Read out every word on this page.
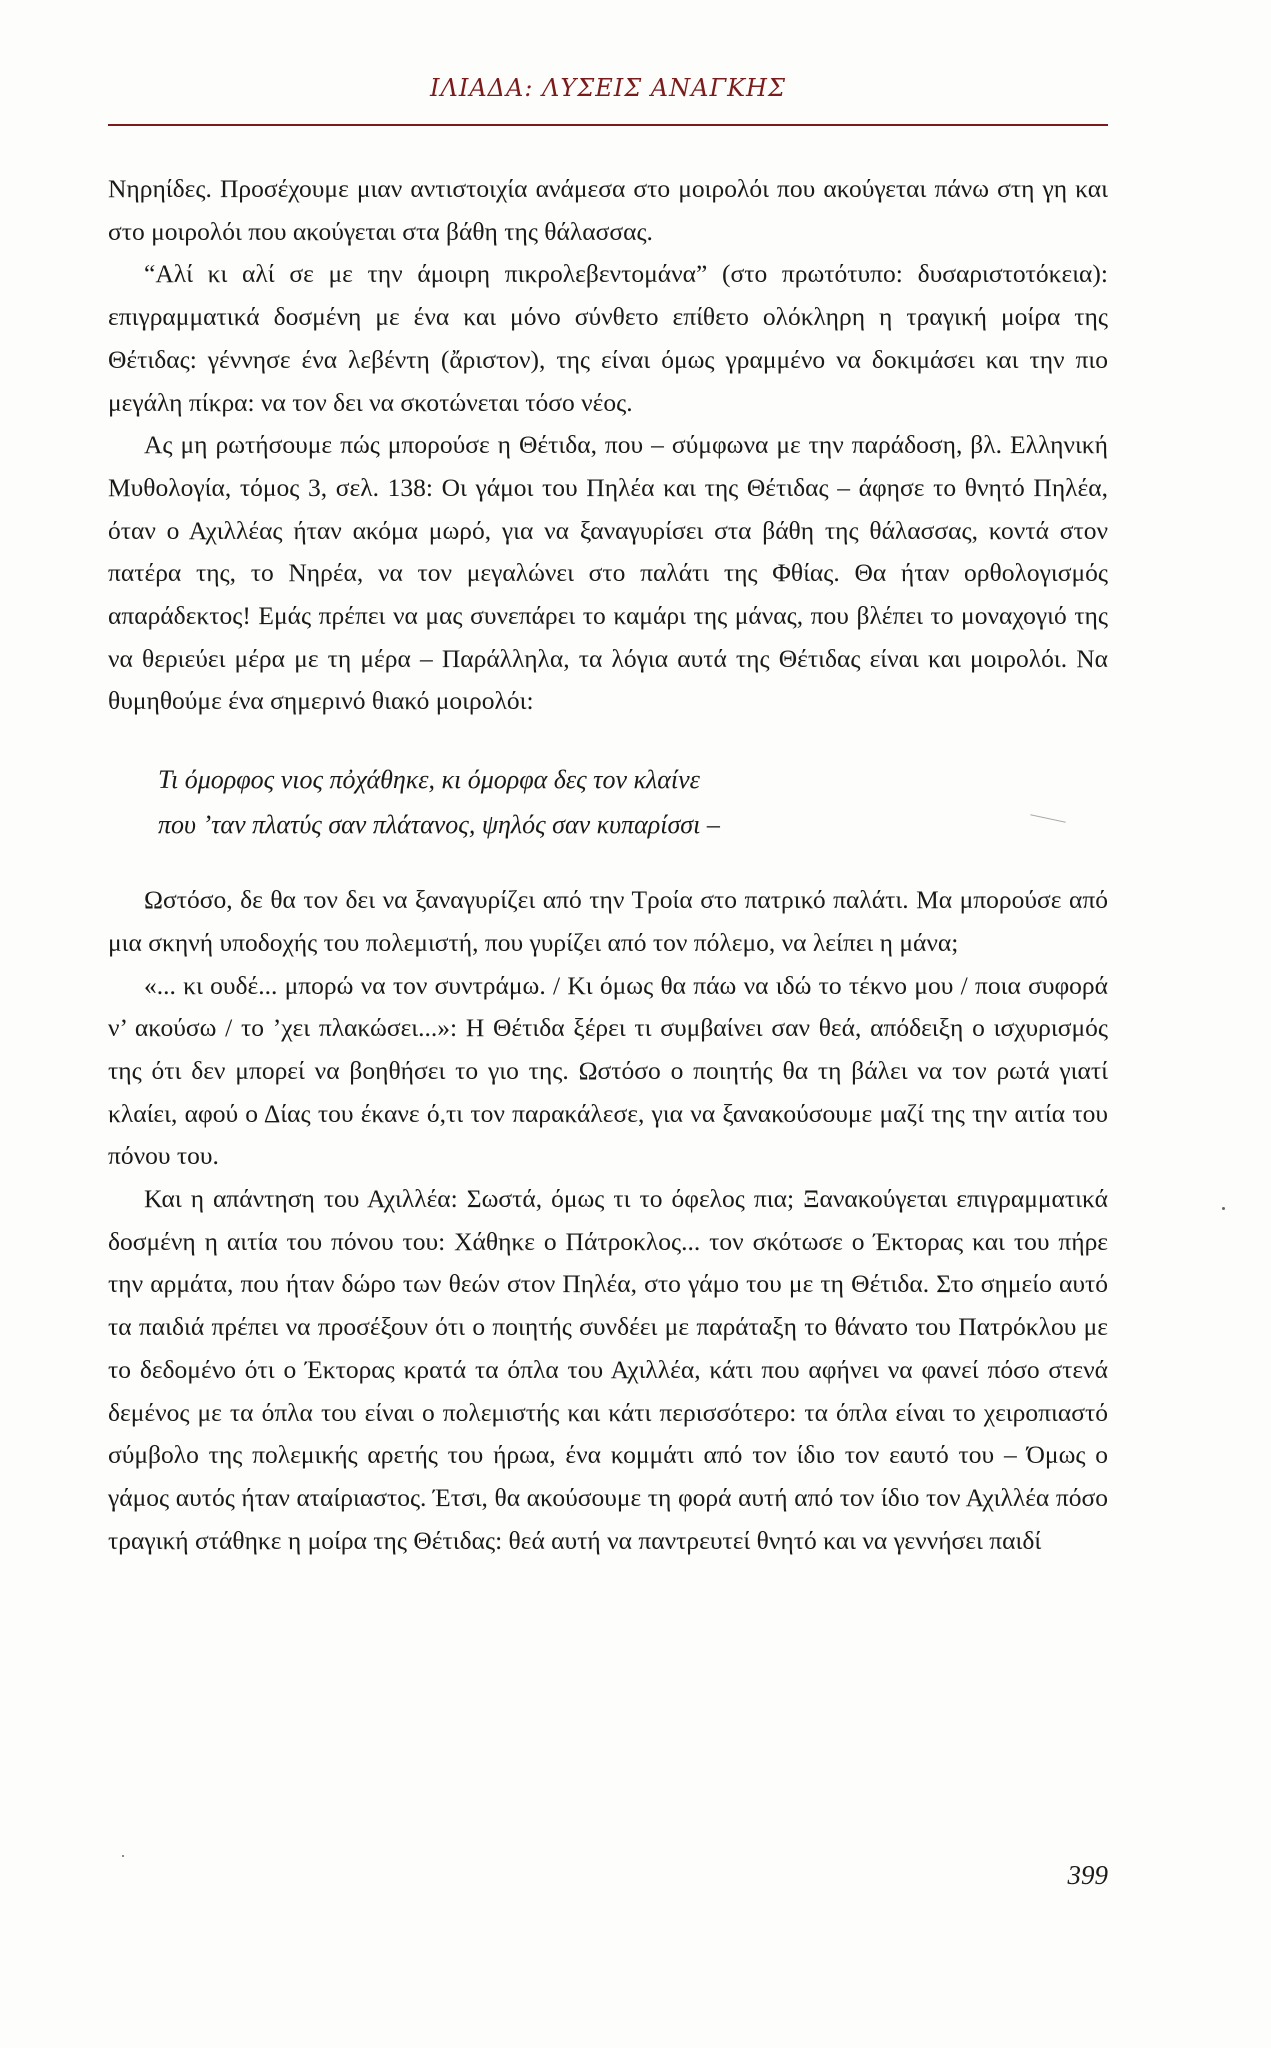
ΙΛΙΑΔΑ: ΛΥΣΕΙΣ ΑΝΑΓΚΗΣ

Νηρηίδες. Προσέχουμε μιαν αντιστοιχία ανάμεσα στο μοιρολόι που ακούγεται πάνω στη γη και στο μοιρολόι που ακούγεται στα βάθη της θάλασσας.

“Αλί κι αλί σε με την άμοιρη πικρολεβεντομάνα” (στο πρωτότυπο: δυσαριστοτόκεια): επιγραμματικά δοσμένη με ένα και μόνο σύνθετο επίθετο ολόκληρη η τραγική μοίρα της Θέτιδας: γέννησε ένα λεβέντη (ἄριστον), της είναι όμως γραμμένο να δοκιμάσει και την πιο μεγάλη πίκρα: να τον δει να σκοτώνεται τόσο νέος.

Ας μη ρωτήσουμε πώς μπορούσε η Θέτιδα, που – σύμφωνα με την παράδοση, βλ. Ελληνική Μυθολογία, τόμος 3, σελ. 138: Οι γάμοι του Πηλέα και της Θέτιδας – άφησε το θνητό Πηλέα, όταν ο Αχιλλέας ήταν ακόμα μωρό, για να ξαναγυρίσει στα βάθη της θάλασσας, κοντά στον πατέρα της, το Νηρέα, να τον μεγαλώνει στο παλάτι της Φθίας. Θα ήταν ορθολογισμός απαράδεκτος! Εμάς πρέπει να μας συνεπάρει το καμάρι της μάνας, που βλέπει το μοναχογιό της να θεριεύει μέρα με τη μέρα – Παράλληλα, τα λόγια αυτά της Θέτιδας είναι και μοιρολόι. Να θυμηθούμε ένα σημερινό θιακό μοιρολόι:

Τι όμορφος νιος πὀχάθηκε, κι όμορφα δες τον κλαίνε
που ’ταν πλατύς σαν πλάτανος, ψηλός σαν κυπαρίσσι –

Ωστόσο, δε θα τον δει να ξαναγυρίζει από την Τροία στο πατρικό παλάτι. Μα μπορούσε από μια σκηνή υποδοχής του πολεμιστή, που γυρίζει από τον πόλεμο, να λείπει η μάνα;

«... κι ουδέ... μπορώ να τον συντράμω. / Κι όμως θα πάω να ιδώ το τέκνο μου / ποια συφορά ν’ ακούσω / το ’χει πλακώσει...»: Η Θέτιδα ξέρει τι συμβαίνει σαν θεά, απόδειξη ο ισχυρισμός της ότι δεν μπορεί να βοηθήσει το γιο της. Ωστόσο ο ποιητής θα τη βάλει να τον ρωτά γιατί κλαίει, αφού ο Δίας του έκανε ό,τι τον παρακάλεσε, για να ξανακούσουμε μαζί της την αιτία του πόνου του.

Και η απάντηση του Αχιλλέα: Σωστά, όμως τι το όφελος πια; Ξανακούγεται επιγραμματικά δοσμένη η αιτία του πόνου του: Χάθηκε ο Πάτροκλος... τον σκότωσε ο Έκτορας και του πήρε την αρμάτα, που ήταν δώρο των θεών στον Πηλέα, στο γάμο του με τη Θέτιδα. Στο σημείο αυτό τα παιδιά πρέπει να προσέξουν ότι ο ποιητής συνδέει με παράταξη το θάνατο του Πατρόκλου με το δεδομένο ότι ο Έκτορας κρατά τα όπλα του Αχιλλέα, κάτι που αφήνει να φανεί πόσο στενά δεμένος με τα όπλα του είναι ο πολεμιστής και κάτι περισσότερο: τα όπλα είναι το χειροπιαστό σύμβολο της πολεμικής αρετής του ήρωα, ένα κομμάτι από τον ίδιο τον εαυτό του – Όμως ο γάμος αυτός ήταν αταίριαστος. Έτσι, θα ακούσουμε τη φορά αυτή από τον ίδιο τον Αχιλλέα πόσο τραγική στάθηκε η μοίρα της Θέτιδας: θεά αυτή να παντρευτεί θνητό και να γεννήσει παιδί

399
